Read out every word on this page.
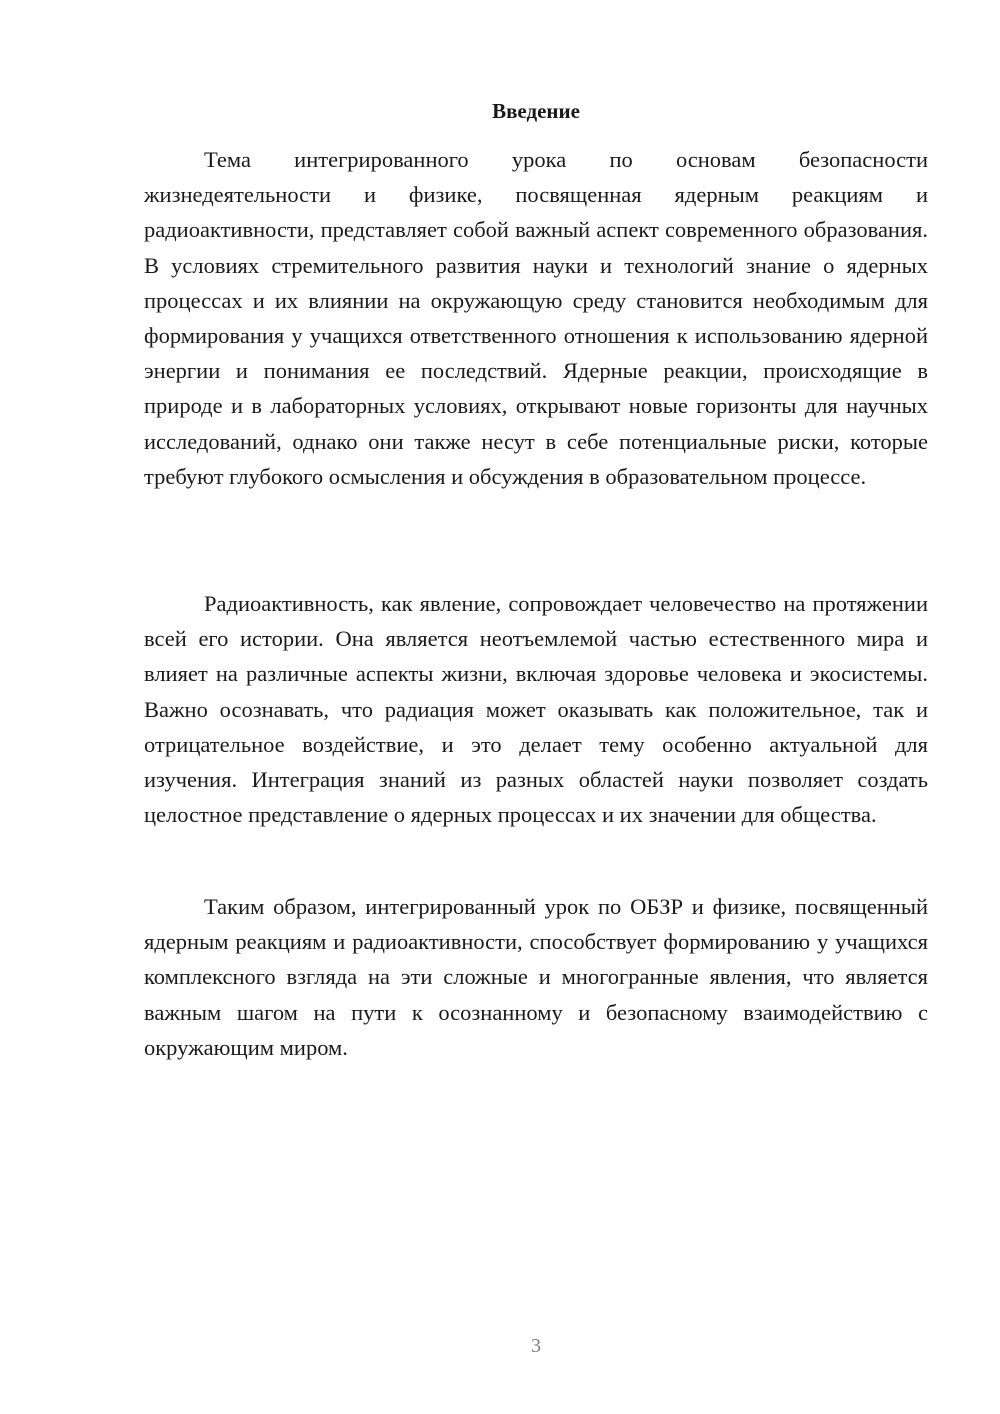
Введение

Тема интегрированного урока по основам безопасности жизнедеятельности и физике, посвященная ядерным реакциям и радиоактивности, представляет собой важный аспект современного образования. В условиях стремительного развития науки и технологий знание о ядерных процессах и их влиянии на окружающую среду становится необходимым для формирования у учащихся ответственного отношения к использованию ядерной энергии и понимания ее последствий. Ядерные реакции, происходящие в природе и в лабораторных условиях, открывают новые горизонты для научных исследований, однако они также несут в себе потенциальные риски, которые требуют глубокого осмысления и обсуждения в образовательном процессе.

Радиоактивность, как явление, сопровождает человечество на протяжении всей его истории. Она является неотъемлемой частью естественного мира и влияет на различные аспекты жизни, включая здоровье человека и экосистемы. Важно осознавать, что радиация может оказывать как положительное, так и отрицательное воздействие, и это делает тему особенно актуальной для изучения. Интеграция знаний из разных областей науки позволяет создать целостное представление о ядерных процессах и их значении для общества.

Таким образом, интегрированный урок по ОБЗР и физике, посвященный ядерным реакциям и радиоактивности, способствует формированию у учащихся комплексного взгляда на эти сложные и многогранные явления, что является важным шагом на пути к осознанному и безопасному взаимодействию с окружающим миром.

3
